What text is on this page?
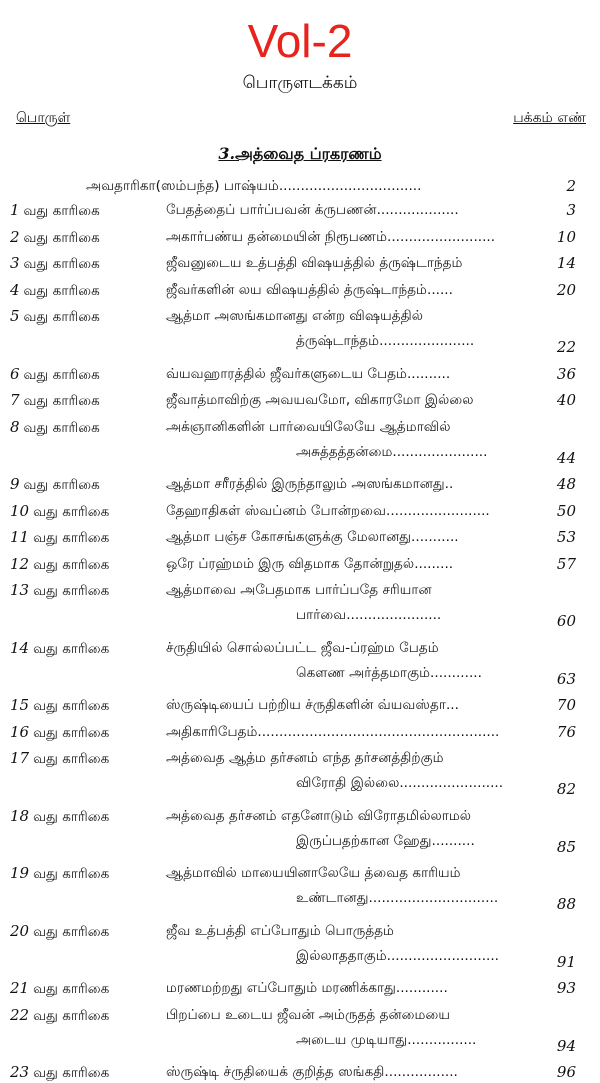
Vol-2
பொருளடக்கம்
பொருள்	பக்கம் எண்
3.அத்வைத ப்ரகரணம்
அவதாரிகா(ஸம்பந்த) பாஷ்யம்.................................	2
1 வது காரிகை	பேதத்தைப் பார்ப்பவன் க்ருபணன்...................	3
2 வது காரிகை	அகார்பண்ய தன்மையின் நிரூபணம்.........................	10
3 வது காரிகை	ஜீவனுடைய உத்பத்தி விஷயத்தில் த்ருஷ்டாந்தம்	14
4 வது காரிகை	ஜீவர்களின் லய விஷயத்தில் த்ருஷ்டாந்தம்......	20
5 வது காரிகை	ஆத்மா அஸங்கமானது என்ற விஷயத்தில்
த்ருஷ்டாந்தம்......................	22
6 வது காரிகை	வ்யவஹாரத்தில் ஜீவர்களுடைய பேதம்..........	36
7 வது காரிகை	ஜீவாத்மாவிற்கு அவயவமோ, விகாரமோ இல்லை	40
8 வது காரிகை	அக்ஞானிகளின் பார்வையிலேயே ஆத்மாவில்
அசுத்தத்தன்மை......................	44
9 வது காரிகை	ஆத்மா சரீரத்தில் இருந்தாலும் அஸங்கமானது..	48
10 வது காரிகை	தேஹாதிகள் ஸ்வப்னம் போன்றவை........................	50
11 வது காரிகை	ஆத்மா பஞ்ச கோசங்களுக்கு மேலானது...........	53
12 வது காரிகை	ஒரே ப்ரஹ்மம் இரு விதமாக தோன்றுதல்.........	57
13 வது காரிகை	ஆத்மாவை அபேதமாக பார்ப்பதே சரியான
பார்வை......................	60
14 வது காரிகை	ச்ருதியில் சொல்லப்பட்ட ஜீவ-ப்ரஹ்ம பேதம்
கௌண அர்த்தமாகும்............	63
15 வது காரிகை	ஸ்ருஷ்டியைப் பற்றிய ச்ருதிகளின் வ்யவஸ்தா...	70
16 வது காரிகை	அதிகாரிபேதம்........................................................	76
17 வது காரிகை	அத்வைத ஆத்ம தர்சனம் எந்த தர்சனத்திற்கும்
விரோதி இல்லை........................	82
18 வது காரிகை	அத்வைத தர்சனம் எதனோடும் விரோதமில்லாமல்
இருப்பதற்கான ஹேது..........	85
19 வது காரிகை	ஆத்மாவில் மாயையினாலேயே த்வைத காரியம்
உண்டானது..............................	88
20 வது காரிகை	ஜீவ உத்பத்தி எப்போதும் பொருத்தம்
இல்லாததாகும்..........................	91
21 வது காரிகை	மரணமற்றது எப்போதும் மரணிக்காது............	93
22 வது காரிகை	பிறப்பை உடைய ஜீவன் அம்ருதத் தன்மையை
அடைய முடியாது................	94
23 வது காரிகை	ஸ்ருஷ்டி ச்ருதியைக் குறித்த ஸங்கதி.................	96
